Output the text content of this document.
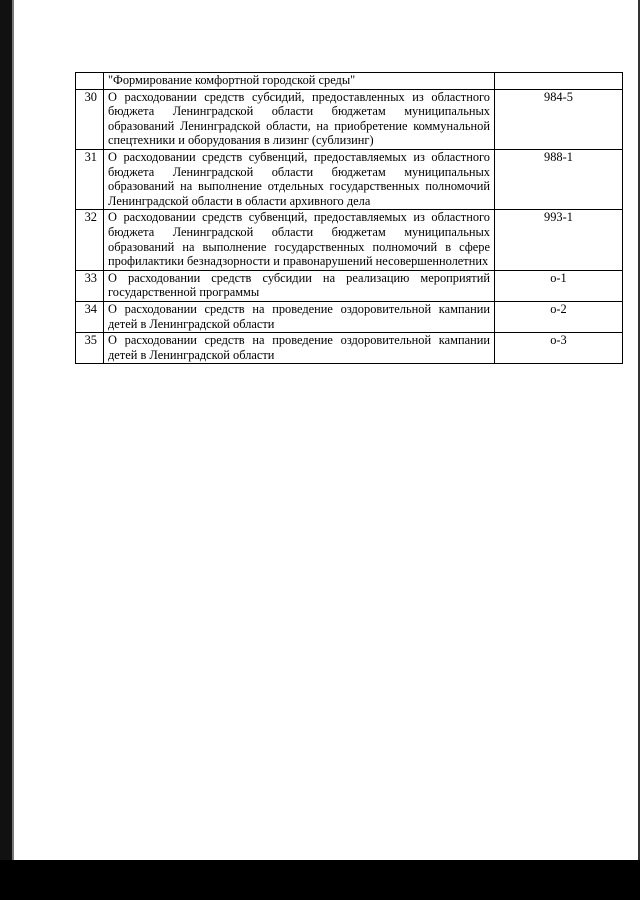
	"Формирование комфортной городской среды"	
30	О расходовании средств субсидий, предоставленных из областного бюджета Ленинградской области бюджетам муниципальных образований Ленинградской области, на приобретение коммунальной спецтехники и оборудования в лизинг (сублизинг)	984-5
31	О расходовании средств субвенций, предоставляемых из областного бюджета Ленинградской области бюджетам муниципальных образований на выполнение отдельных государственных полномочий Ленинградской области в области архивного дела	988-1
32	О расходовании средств субвенций, предоставляемых из областного бюджета Ленинградской области бюджетам муниципальных образований на выполнение государственных полномочий в сфере профилактики безнадзорности и правонарушений несовершеннолетних	993-1
33	О расходовании средств субсидии на реализацию мероприятий государственной программы	о-1
34	О расходовании средств на проведение оздоровительной кампании детей в Ленинградской области	о-2
35	О расходовании средств на проведение оздоровительной кампании детей в Ленинградской области	о-3
